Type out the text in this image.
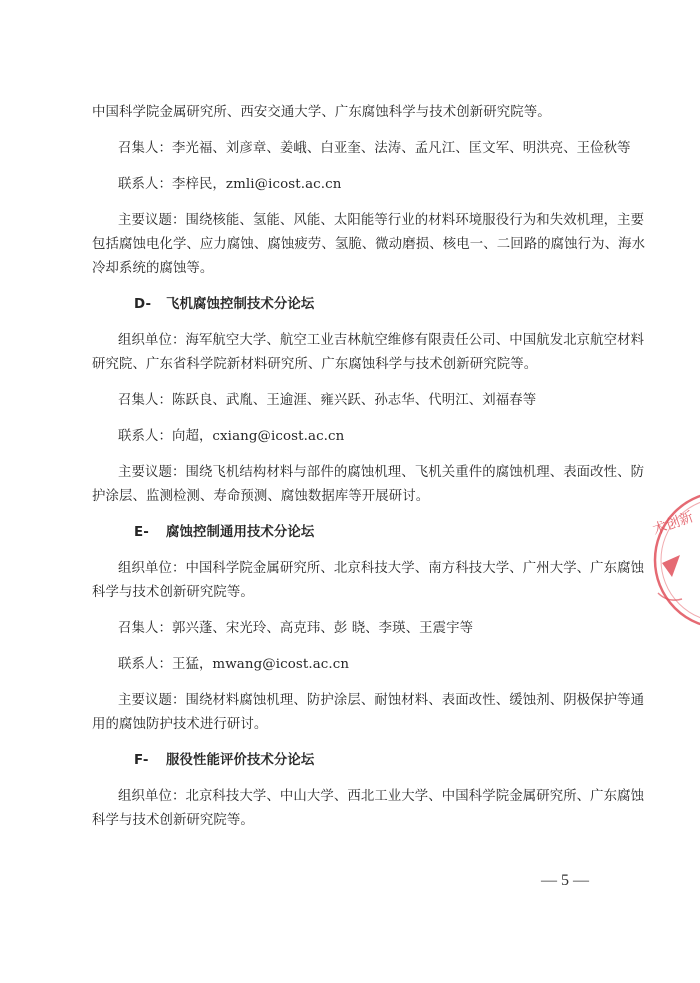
中国科学院金属研究所、西安交通大学、广东腐蚀科学与技术创新研究院等。
召集人：李光福、刘彦章、姜峨、白亚奎、法涛、孟凡江、匡文军、明洪亮、王俭秋等
联系人：李梓民，zmli@icost.ac.cn
主要议题：围绕核能、氢能、风能、太阳能等行业的材料环境服役行为和失效机理，主要
包括腐蚀电化学、应力腐蚀、腐蚀疲劳、氢脆、微动磨损、核电一、二回路的腐蚀行为、海水
冷却系统的腐蚀等。
D- 飞机腐蚀控制技术分论坛
组织单位：海军航空大学、航空工业吉林航空维修有限责任公司、中国航发北京航空材料
研究院、广东省科学院新材料研究所、广东腐蚀科学与技术创新研究院等。
召集人：陈跃良、武胤、王逾涯、雍兴跃、孙志华、代明江、刘福春等
联系人：向超，cxiang@icost.ac.cn
主要议题：围绕飞机结构材料与部件的腐蚀机理、飞机关重件的腐蚀机理、表面改性、防
护涂层、监测检测、寿命预测、腐蚀数据库等开展研讨。
E- 腐蚀控制通用技术分论坛
组织单位：中国科学院金属研究所、北京科技大学、南方科技大学、广州大学、广东腐蚀
科学与技术创新研究院等。
召集人：郭兴蓬、宋光玲、高克玮、彭 晓、李瑛、王震宇等
联系人：王猛，mwang@icost.ac.cn
主要议题：围绕材料腐蚀机理、防护涂层、耐蚀材料、表面改性、缓蚀剂、阴极保护等通
用的腐蚀防护技术进行研讨。
F- 服役性能评价技术分论坛
组织单位：北京科技大学、中山大学、西北工业大学、中国科学院金属研究所、广东腐蚀
科学与技术创新研究院等。
— 5 —
术创新
